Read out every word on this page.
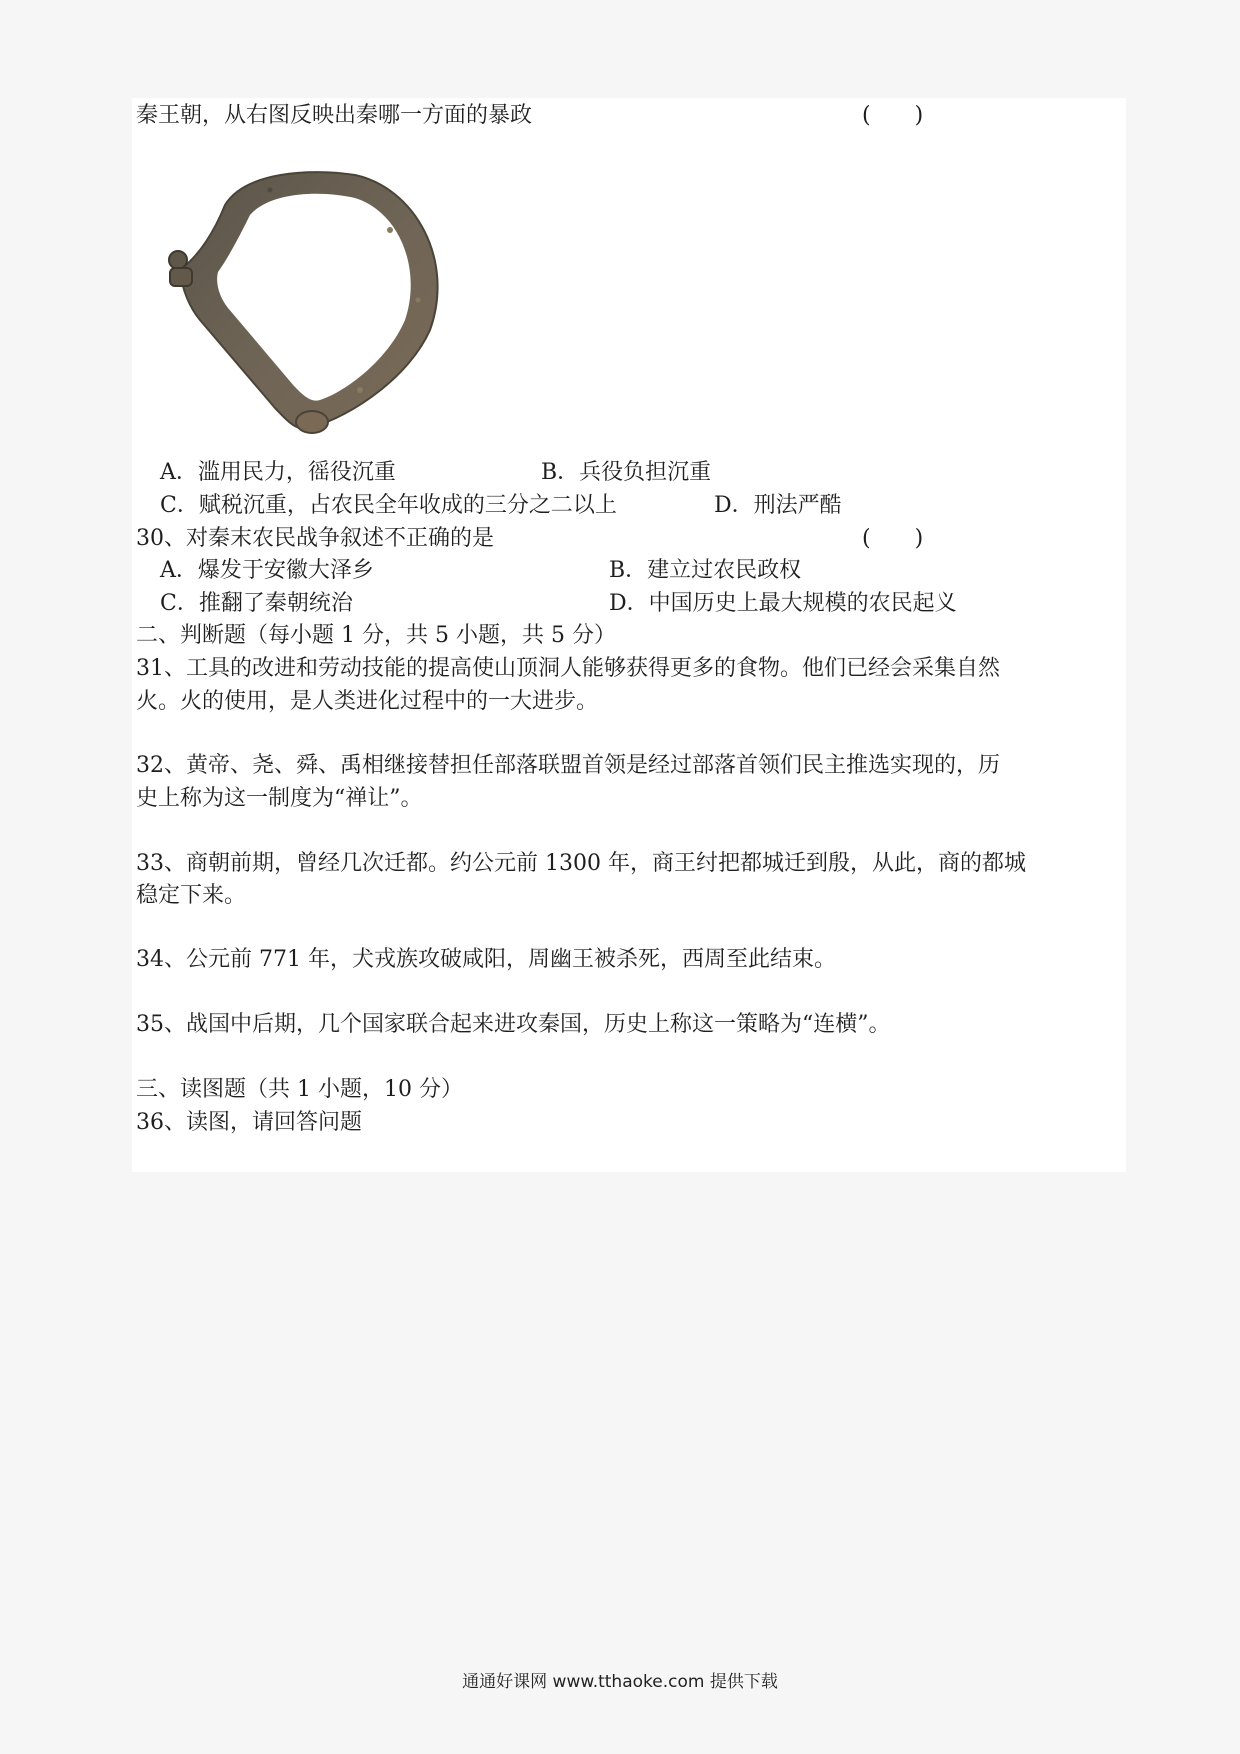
秦王朝，从右图反映出秦哪一方面的暴政	(　　)

A．滥用民力，徭役沉重	B．兵役负担沉重

C．赋税沉重，占农民全年收成的三分之二以上	D．刑法严酷

30、对秦末农民战争叙述不正确的是	(　　)

A．爆发于安徽大泽乡	B．建立过农民政权

C．推翻了秦朝统治	D．中国历史上最大规模的农民起义

二、判断题（每小题 1 分，共 5 小题，共 5 分）

31、工具的改进和劳动技能的提高使山顶洞人能够获得更多的食物。他们已经会采集自然

火。火的使用，是人类进化过程中的一大进步。

32、黄帝、尧、舜、禹相继接替担任部落联盟首领是经过部落首领们民主推选实现的，历

史上称为这一制度为“禅让”。

33、商朝前期，曾经几次迁都。约公元前 1300 年，商王纣把都城迁到殷，从此，商的都城

稳定下来。

34、公元前 771 年，犬戎族攻破咸阳，周幽王被杀死，西周至此结束。

35、战国中后期，几个国家联合起来进攻秦国，历史上称这一策略为“连横”。

三、读图题（共 1 小题，10 分）

36、读图，请回答问题

通通好课网 www.tthaoke.com 提供下载
